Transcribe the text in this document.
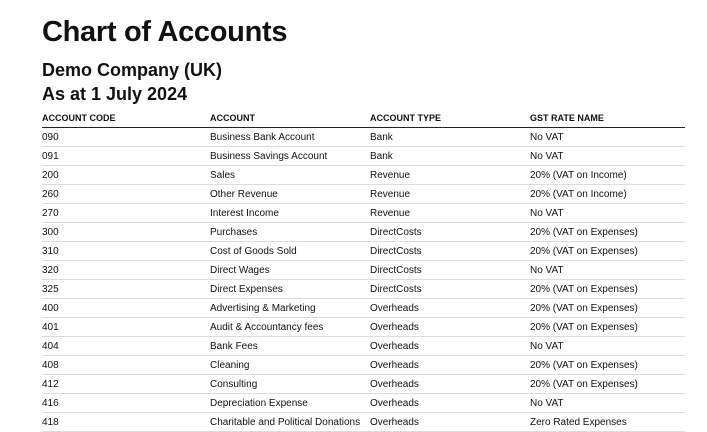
Chart of Accounts
Demo Company (UK)
As at 1 July 2024
ACCOUNT CODE	ACCOUNT	ACCOUNT TYPE	GST RATE NAME
090	Business Bank Account	Bank	No VAT
091	Business Savings Account	Bank	No VAT
200	Sales	Revenue	20% (VAT on Income)
260	Other Revenue	Revenue	20% (VAT on Income)
270	Interest Income	Revenue	No VAT
300	Purchases	DirectCosts	20% (VAT on Expenses)
310	Cost of Goods Sold	DirectCosts	20% (VAT on Expenses)
320	Direct Wages	DirectCosts	No VAT
325	Direct Expenses	DirectCosts	20% (VAT on Expenses)
400	Advertising & Marketing	Overheads	20% (VAT on Expenses)
401	Audit & Accountancy fees	Overheads	20% (VAT on Expenses)
404	Bank Fees	Overheads	No VAT
408	Cleaning	Overheads	20% (VAT on Expenses)
412	Consulting	Overheads	20% (VAT on Expenses)
416	Depreciation Expense	Overheads	No VAT
418	Charitable and Political Donations	Overheads	Zero Rated Expenses
